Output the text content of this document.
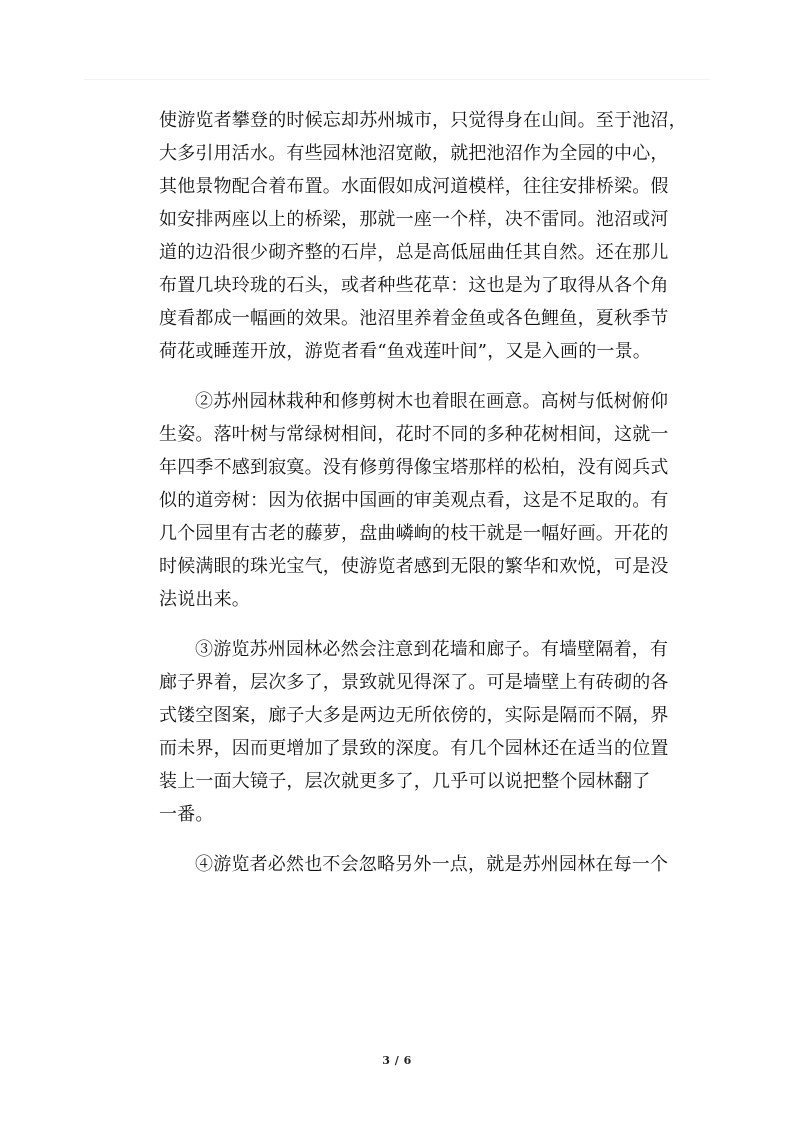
使游览者攀登的时候忘却苏州城市，只觉得身在山间。至于池沼，
大多引用活水。有些园林池沼宽敞，就把池沼作为全园的中心，
其他景物配合着布置。水面假如成河道模样，往往安排桥梁。假
如安排两座以上的桥梁，那就一座一个样，决不雷同。池沼或河
道的边沿很少砌齐整的石岸，总是高低屈曲任其自然。还在那儿
布置几块玲珑的石头，或者种些花草：这也是为了取得从各个角
度看都成一幅画的效果。池沼里养着金鱼或各色鲤鱼，夏秋季节
荷花或睡莲开放，游览者看“鱼戏莲叶间”，又是入画的一景。
②苏州园林栽种和修剪树木也着眼在画意。高树与低树俯仰
生姿。落叶树与常绿树相间，花时不同的多种花树相间，这就一
年四季不感到寂寞。没有修剪得像宝塔那样的松柏，没有阅兵式
似的道旁树：因为依据中国画的审美观点看，这是不足取的。有
几个园里有古老的藤萝，盘曲嶙峋的枝干就是一幅好画。开花的
时候满眼的珠光宝气，使游览者感到无限的繁华和欢悦，可是没
法说出来。
③游览苏州园林必然会注意到花墙和廊子。有墙壁隔着，有
廊子界着，层次多了，景致就见得深了。可是墙壁上有砖砌的各
式镂空图案，廊子大多是两边无所依傍的，实际是隔而不隔，界
而未界，因而更增加了景致的深度。有几个园林还在适当的位置
装上一面大镜子，层次就更多了，几乎可以说把整个园林翻了
一番。
④游览者必然也不会忽略另外一点，就是苏州园林在每一个
3 / 6
